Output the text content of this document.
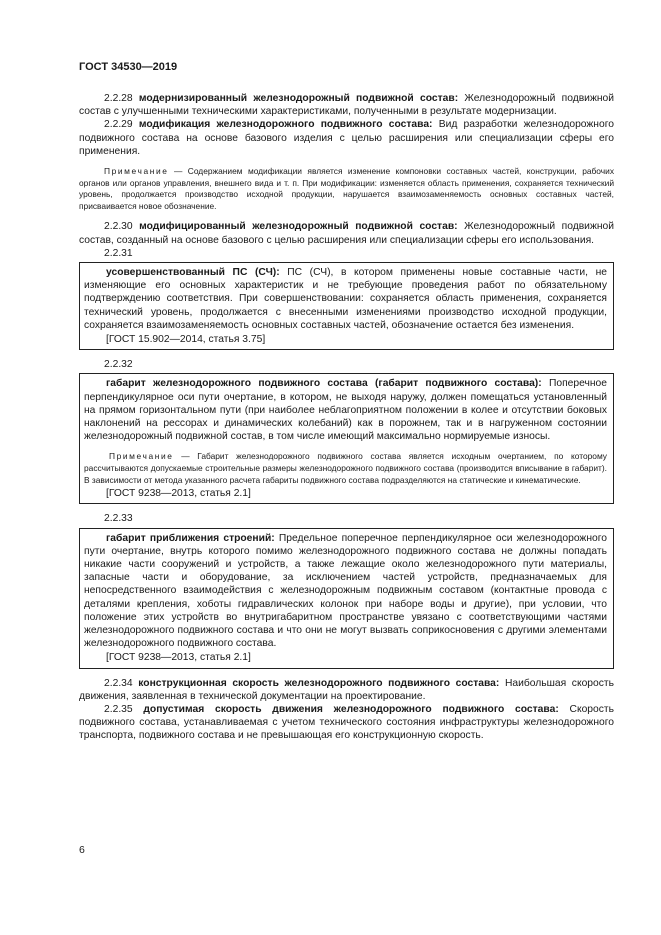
ГОСТ 34530—2019

2.2.28 модернизированный железнодорожный подвижной состав: Железнодорожный подвижной состав с улучшенными техническими характеристиками, полученными в результате модернизации.

2.2.29 модификация железнодорожного подвижного состава: Вид разработки железнодорожного подвижного состава на основе базового изделия с целью расширения или специализации сферы его применения.

Примечание — Содержанием модификации является изменение компоновки составных частей, конструкции, рабочих органов или органов управления, внешнего вида и т. п. При модификации: изменяется область применения, сохраняется технический уровень, продолжается производство исходной продукции, нарушается взаимозаменяемость основных составных частей, присваивается новое обозначение.

2.2.30 модифицированный железнодорожный подвижной состав: Железнодорожный подвижной состав, созданный на основе базового с целью расширения или специализации сферы его использования.

2.2.31

усовершенствованный ПС (СЧ): ПС (СЧ), в котором применены новые составные части, не изменяющие его основных характеристик и не требующие проведения работ по обязательному подтверждению соответствия. При совершенствовании: сохраняется область применения, сохраняется технический уровень, продолжается с внесенными изменениями производство исходной продукции, сохраняется взаимозаменяемость основных составных частей, обозначение остается без изменения.

[ГОСТ 15.902—2014, статья 3.75]

2.2.32

габарит железнодорожного подвижного состава (габарит подвижного состава): Поперечное перпендикулярное оси пути очертание, в котором, не выходя наружу, должен помещаться установленный на прямом горизонтальном пути (при наиболее неблагоприятном положении в колее и отсутствии боковых наклонений на рессорах и динамических колебаний) как в порожнем, так и в нагруженном состоянии железнодорожный подвижной состав, в том числе имеющий максимально нормируемые износы.

Примечание — Габарит железнодорожного подвижного состава является исходным очертанием, по которому рассчитываются допускаемые строительные размеры железнодорожного подвижного состава (производится вписывание в габарит). В зависимости от метода указанного расчета габариты подвижного состава подразделяются на статические и кинематические.

[ГОСТ 9238—2013, статья 2.1]

2.2.33

габарит приближения строений: Предельное поперечное перпендикулярное оси железнодорожного пути очертание, внутрь которого помимо железнодорожного подвижного состава не должны попадать никакие части сооружений и устройств, а также лежащие около железнодорожного пути материалы, запасные части и оборудование, за исключением частей устройств, предназначаемых для непосредственного взаимодействия с железнодорожным подвижным составом (контактные провода с деталями крепления, хоботы гидравлических колонок при наборе воды и другие), при условии, что положение этих устройств во внутригабаритном пространстве увязано с соответствующими частями железнодорожного подвижного состава и что они не могут вызвать соприкосновения с другими элементами железнодорожного подвижного состава.

[ГОСТ 9238—2013, статья 2.1]

2.2.34 конструкционная скорость железнодорожного подвижного состава: Наибольшая скорость движения, заявленная в технической документации на проектирование.

2.2.35 допустимая скорость движения железнодорожного подвижного состава: Скорость подвижного состава, устанавливаемая с учетом технического состояния инфраструктуры железнодорожного транспорта, подвижного состава и не превышающая его конструкционную скорость.

6
